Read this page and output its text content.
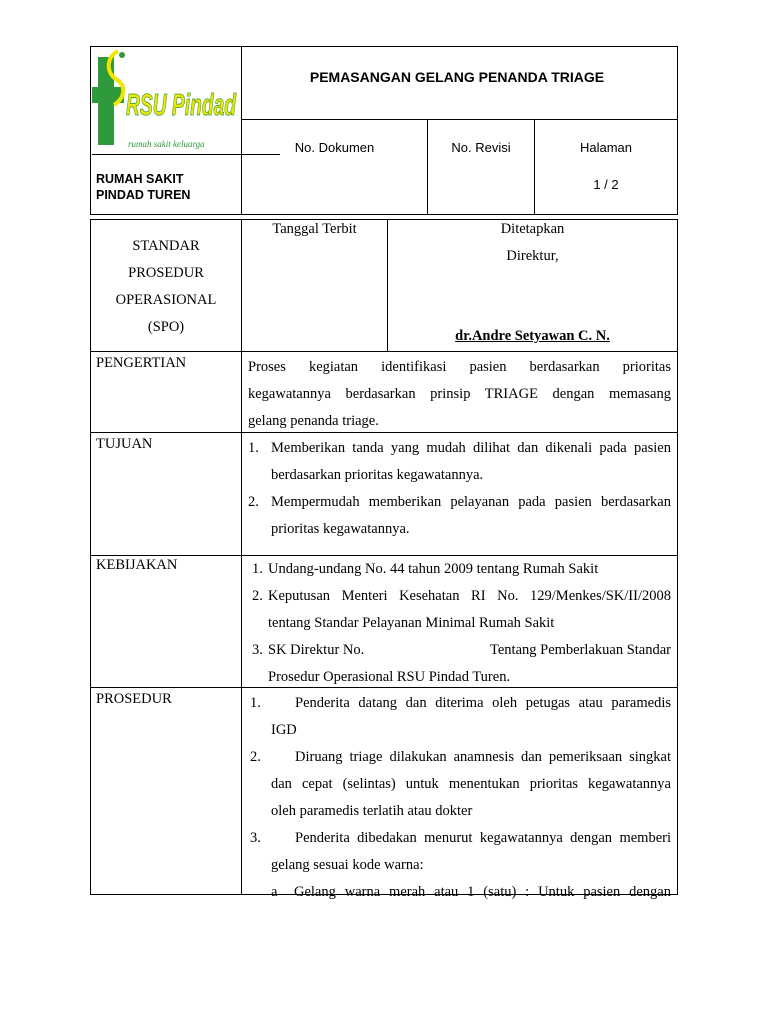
RSU Pindad
rumah sakit keluarga
RUMAH SAKIT
PINDAD TUREN
PEMASANGAN GELANG PENANDA TRIAGE
No. Dokumen	No. Revisi	Halaman
1 / 2
STANDAR
PROSEDUR
OPERASIONAL
(SPO)
Tanggal Terbit	Ditetapkan
Direktur,
dr.Andre Setyawan C. N.
PENGERTIAN	Proses kegiatan identifikasi pasien berdasarkan prioritas
kegawatannya berdasarkan prinsip TRIAGE dengan memasang
gelang penanda triage.
TUJUAN	1. Memberikan tanda yang mudah dilihat dan dikenali pada pasien
berdasarkan prioritas kegawatannya.
2. Mempermudah memberikan pelayanan pada pasien berdasarkan
prioritas kegawatannya.
KEBIJAKAN	1. Undang-undang No. 44 tahun 2009 tentang Rumah Sakit
2. Keputusan Menteri Kesehatan RI No. 129/Menkes/SK/II/2008
tentang Standar Pelayanan Minimal Rumah Sakit
3. SK Direktur No.	Tentang Pemberlakuan Standar
Prosedur Operasional RSU Pindad Turen.
PROSEDUR	1. Penderita datang dan diterima oleh petugas atau paramedis
IGD
2. Diruang triage dilakukan anamnesis dan pemeriksaan singkat
dan cepat (selintas) untuk menentukan prioritas kegawatannya
oleh paramedis terlatih atau dokter
3. Penderita dibedakan menurut kegawatannya dengan memberi
gelang sesuai kode warna:
a Gelang warna merah atau 1 (satu) : Untuk pasien dengan
